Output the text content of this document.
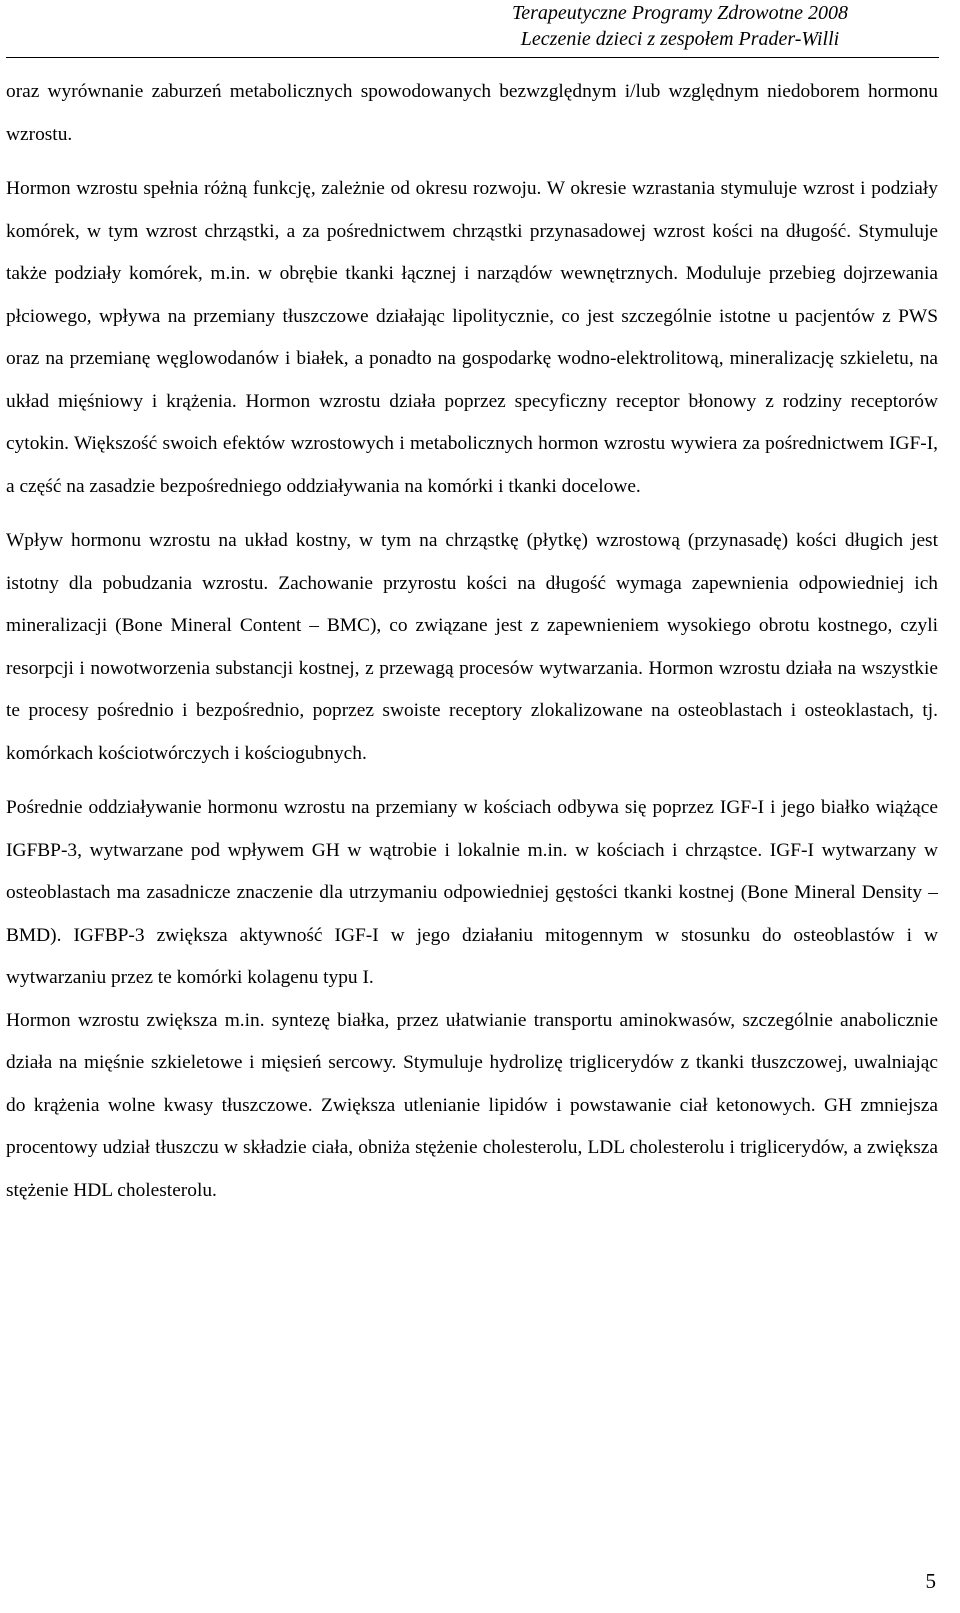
Terapeutyczne Programy Zdrowotne 2008
Leczenie dzieci z zespołem Prader-Willi

oraz wyrównanie zaburzeń metabolicznych spowodowanych bezwzględnym i/lub względnym niedoborem hormonu wzrostu.

Hormon wzrostu spełnia różną funkcję, zależnie od okresu rozwoju. W okresie wzrastania stymuluje wzrost i podziały komórek, w tym wzrost chrząstki, a za pośrednictwem chrząstki przynasadowej wzrost kości na długość. Stymuluje także podziały komórek, m.in. w obrębie tkanki łącznej i narządów wewnętrznych. Moduluje przebieg dojrzewania płciowego, wpływa na przemiany tłuszczowe działając lipolitycznie, co jest szczególnie istotne u pacjentów z PWS oraz na przemianę węglowodanów i białek, a ponadto na gospodarkę wodno-elektrolitową, mineralizację szkieletu, na układ mięśniowy i krążenia. Hormon wzrostu działa poprzez specyficzny receptor błonowy z rodziny receptorów cytokin. Większość swoich efektów wzrostowych i metabolicznych hormon wzrostu wywiera za pośrednictwem IGF-I, a część na zasadzie bezpośredniego oddziaływania na komórki i tkanki docelowe.

Wpływ hormonu wzrostu na układ kostny, w tym na chrząstkę (płytkę) wzrostową (przynasadę) kości długich jest istotny dla pobudzania wzrostu. Zachowanie przyrostu kości na długość wymaga zapewnienia odpowiedniej ich mineralizacji (Bone Mineral Content – BMC), co związane jest z zapewnieniem wysokiego obrotu kostnego, czyli resorpcji i nowotworzenia substancji kostnej, z przewagą procesów wytwarzania. Hormon wzrostu działa na wszystkie te procesy pośrednio i bezpośrednio, poprzez swoiste receptory zlokalizowane na osteoblastach i osteoklastach, tj. komórkach kościotwórczych i kościogubnych.

Pośrednie oddziaływanie hormonu wzrostu na przemiany w kościach odbywa się poprzez IGF-I i jego białko wiążące IGFBP-3, wytwarzane pod wpływem GH w wątrobie i lokalnie m.in. w kościach i chrząstce. IGF-I wytwarzany w osteoblastach ma zasadnicze znaczenie dla utrzymaniu odpowiedniej gęstości tkanki kostnej (Bone Mineral Density – BMD). IGFBP-3 zwiększa aktywność IGF-I w jego działaniu mitogennym w stosunku do osteoblastów i w wytwarzaniu przez te komórki kolagenu typu I.

Hormon wzrostu zwiększa m.in. syntezę białka, przez ułatwianie transportu aminokwasów, szczególnie anabolicznie działa na mięśnie szkieletowe i mięsień sercowy. Stymuluje hydrolizę triglicerydów z tkanki tłuszczowej, uwalniając do krążenia wolne kwasy tłuszczowe. Zwiększa utlenianie lipidów i powstawanie ciał ketonowych. GH zmniejsza procentowy udział tłuszczu w składzie ciała, obniża stężenie cholesterolu, LDL cholesterolu i triglicerydów, a zwiększa stężenie HDL cholesterolu.

5
